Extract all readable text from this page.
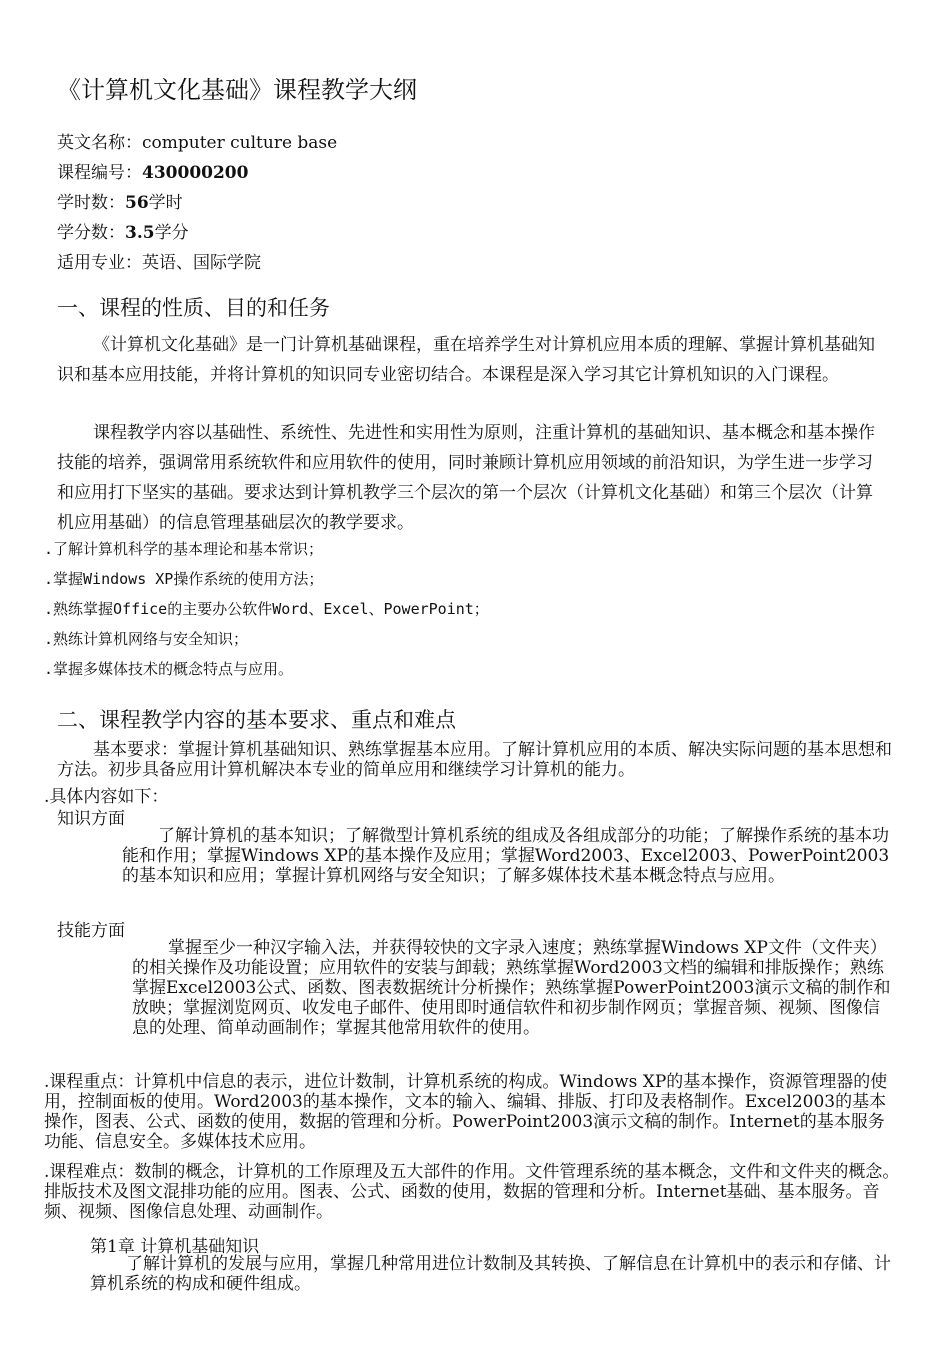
《计算机文化基础》课程教学大纲
英文名称：computer culture base
课程编号：430000200
学时数：56学时
学分数：3.5学分
适用专业：英语、国际学院
一、课程的性质、目的和任务
《计算机文化基础》是一门计算机基础课程，重在培养学生对计算机应用本质的理解、掌握计算机基础知识和基本应用技能，并将计算机的知识同专业密切结合。本课程是深入学习其它计算机知识的入门课程。
课程教学内容以基础性、系统性、先进性和实用性为原则，注重计算机的基础知识、基本概念和基本操作技能的培养，强调常用系统软件和应用软件的使用，同时兼顾计算机应用领域的前沿知识，为学生进一步学习和应用打下坚实的基础。要求达到计算机教学三个层次的第一个层次（计算机文化基础）和第三个层次（计算机应用基础）的信息管理基础层次的教学要求。
.了解计算机科学的基本理论和基本常识；
.掌握Windows XP操作系统的使用方法；
.熟练掌握Office的主要办公软件Word、Excel、PowerPoint；
.熟练计算机网络与安全知识；
.掌握多媒体技术的概念特点与应用。
二、课程教学内容的基本要求、重点和难点
基本要求：掌握计算机基础知识、熟练掌握基本应用。了解计算机应用的本质、解决实际问题的基本思想和方法。初步具备应用计算机解决本专业的简单应用和继续学习计算机的能力。
.具体内容如下：
知识方面
了解计算机的基本知识；了解微型计算机系统的组成及各组成部分的功能；了解操作系统的基本功能和作用；掌握Windows XP的基本操作及应用；掌握Word2003、Excel2003、PowerPoint2003的基本知识和应用；掌握计算机网络与安全知识；了解多媒体技术基本概念特点与应用。
技能方面
掌握至少一种汉字输入法，并获得较快的文字录入速度；熟练掌握Windows XP文件（文件夹）的相关操作及功能设置；应用软件的安装与卸载；熟练掌握Word2003文档的编辑和排版操作；熟练掌握Excel2003公式、函数、图表数据统计分析操作；熟练掌握PowerPoint2003演示文稿的制作和放映；掌握浏览网页、收发电子邮件、使用即时通信软件和初步制作网页；掌握音频、视频、图像信息的处理、简单动画制作；掌握其他常用软件的使用。
.课程重点：计算机中信息的表示，进位计数制，计算机系统的构成。Windows XP的基本操作，资源管理器的使用，控制面板的使用。Word2003的基本操作，文本的输入、编辑、排版、打印及表格制作。Excel2003的基本操作，图表、公式、函数的使用，数据的管理和分析。PowerPoint2003演示文稿的制作。Internet的基本服务功能、信息安全。多媒体技术应用。
.课程难点：数制的概念，计算机的工作原理及五大部件的作用。文件管理系统的基本概念，文件和文件夹的概念。排版技术及图文混排功能的应用。图表、公式、函数的使用，数据的管理和分析。Internet基础、基本服务。音频、视频、图像信息处理、动画制作。
第1章 计算机基础知识
了解计算机的发展与应用，掌握几种常用进位计数制及其转换、了解信息在计算机中的表示和存储、计算机系统的构成和硬件组成。
